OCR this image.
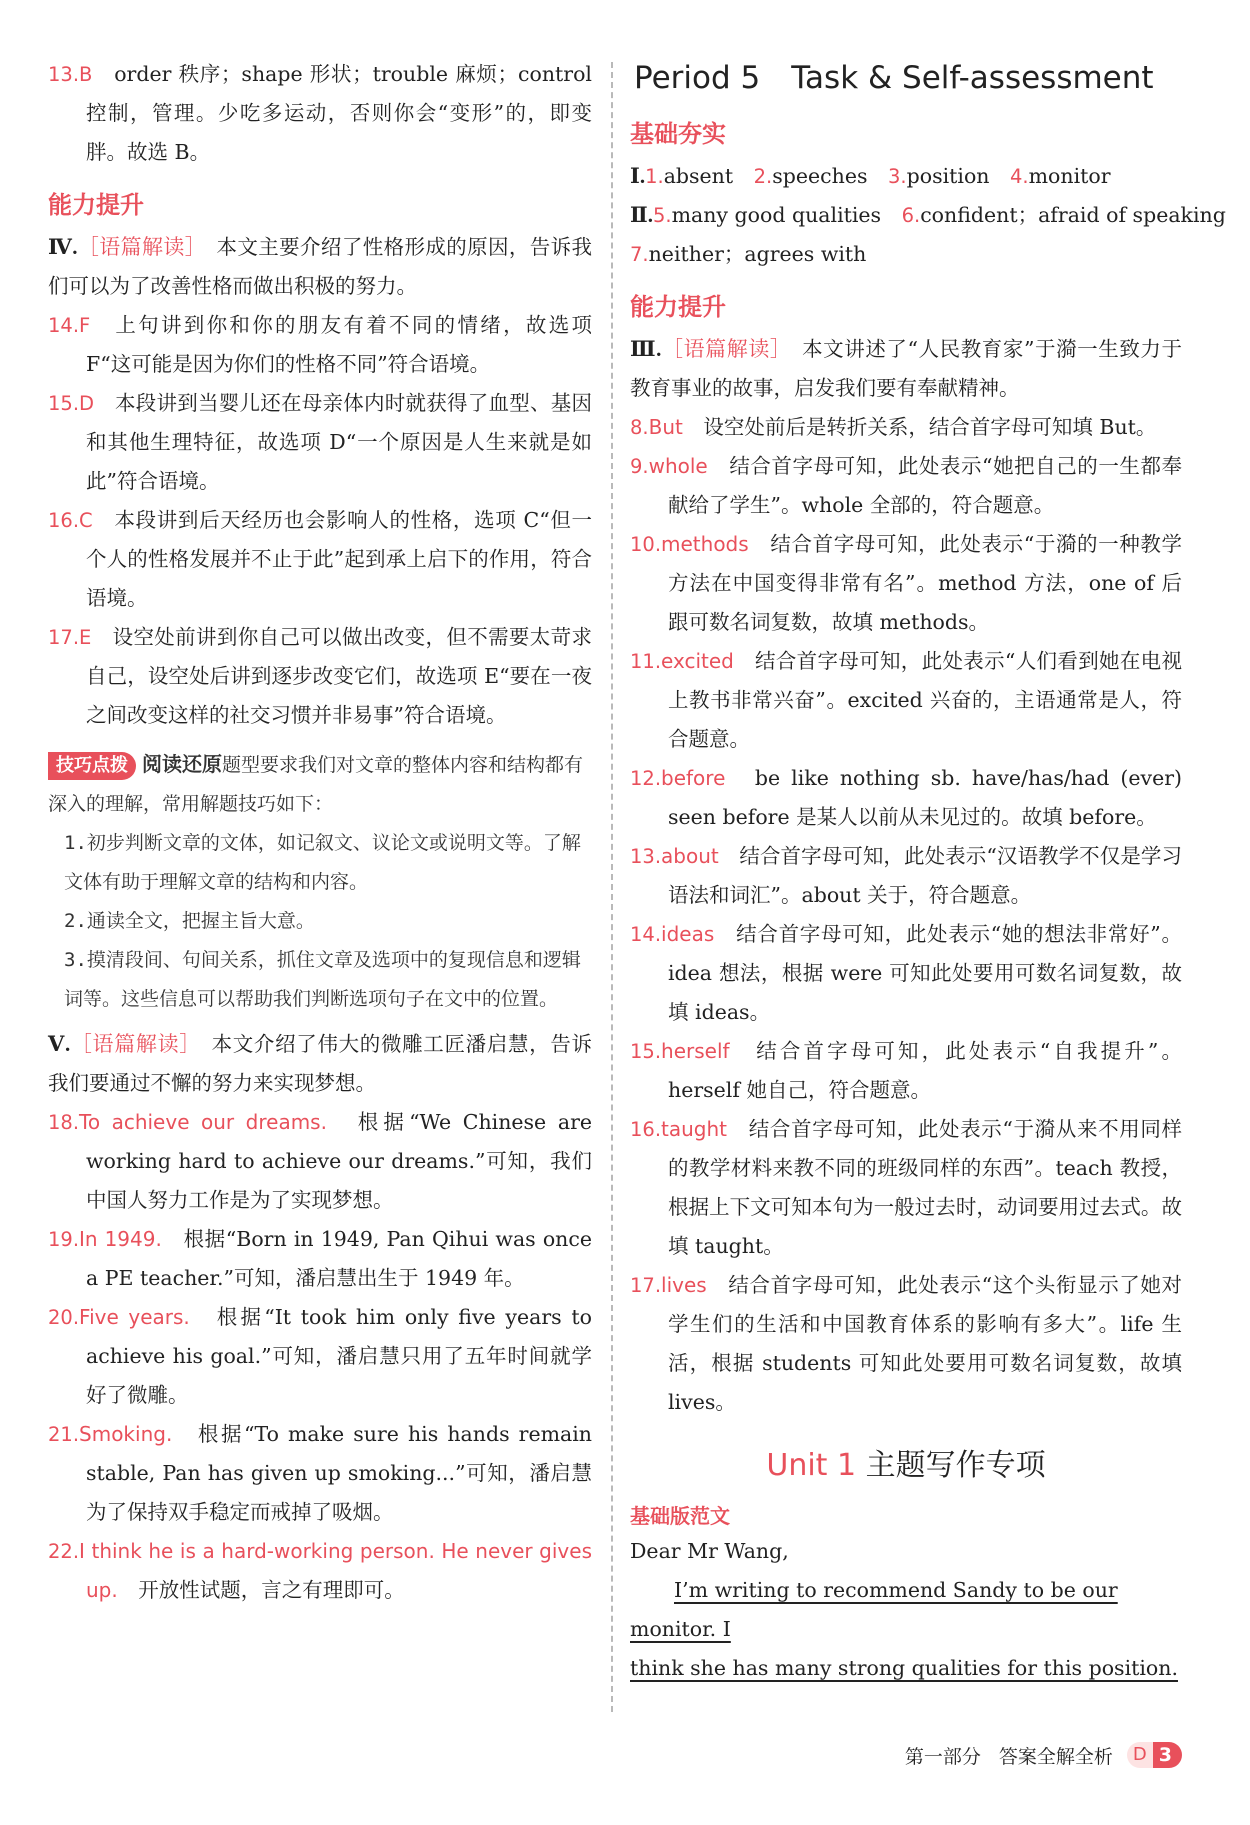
13.B　 order 秩序；shape 形状；trouble 麻烦；control 控制，管理。少吃多运动，否则你会“变形”的，即变胖。故选 B。

能力提升

Ⅳ.［语篇解读］　 本文主要介绍了性格形成的原因，告诉我们可以为了改善性格而做出积极的努力。

14.F　 上句讲到你和你的朋友有着不同的情绪，故选项 F“这可能是因为你们的性格不同”符合语境。

15.D　 本段讲到当婴儿还在母亲体内时就获得了血型、基因和其他生理特征，故选项 D“一个原因是人生来就是如此”符合语境。

16.C　 本段讲到后天经历也会影响人的性格，选项 C“但一个人的性格发展并不止于此”起到承上启下的作用，符合语境。

17.E　 设空处前讲到你自己可以做出改变，但不需要太苛求自己，设空处后讲到逐步改变它们，故选项 E“要在一夜之间改变这样的社交习惯并非易事”符合语境。

技巧点拨 阅读还原题型要求我们对文章的整体内容和结构都有深入的理解，常用解题技巧如下：

1.初步判断文章的文体，如记叙文、议论文或说明文等。了解文体有助于理解文章的结构和内容。

2.通读全文，把握主旨大意。

3.摸清段间、句间关系，抓住文章及选项中的复现信息和逻辑词等。这些信息可以帮助我们判断选项句子在文中的位置。

Ⅴ.［语篇解读］　 本文介绍了伟大的微雕工匠潘启慧，告诉我们要通过不懈的努力来实现梦想。

18.To achieve our dreams.　 根据“We Chinese are working hard to achieve our dreams.”可知，我们中国人努力工作是为了实现梦想。

19.In 1949.　 根据“Born in 1949, Pan Qihui was once a PE teacher.”可知，潘启慧出生于 1949 年。

20.Five years.　 根据“It took him only five years to achieve his goal.”可知，潘启慧只用了五年时间就学好了微雕。

21.Smoking.　 根据“To make sure his hands remain stable, Pan has given up smoking...”可知，潘启慧为了保持双手稳定而戒掉了吸烟。

22.I think he is a hard-working person. He never gives up.　 开放性试题，言之有理即可。

Period 5　Task & Self-assessment
基础夯实

Ⅰ.1.absent　 2.speeches　 3.position　 4.monitor

Ⅱ.5.many good qualities　 6.confident；afraid of speaking

7.neither；agrees with

能力提升

Ⅲ.［语篇解读］　 本文讲述了“人民教育家”于漪一生致力于教育事业的故事，启发我们要有奉献精神。

8.But　 设空处前后是转折关系，结合首字母可知填 But。

9.whole　 结合首字母可知，此处表示“她把自己的一生都奉献给了学生”。whole 全部的，符合题意。

10.methods　 结合首字母可知，此处表示“于漪的一种教学方法在中国变得非常有名”。method 方法，one of 后跟可数名词复数，故填 methods。

11.excited　 结合首字母可知，此处表示“人们看到她在电视上教书非常兴奋”。excited 兴奋的，主语通常是人，符合题意。

12.before　 be like nothing sb. have/has/had (ever) seen before 是某人以前从未见过的。故填 before。

13.about　 结合首字母可知，此处表示“汉语教学不仅是学习语法和词汇”。about 关于，符合题意。

14.ideas　 结合首字母可知，此处表示“她的想法非常好”。idea 想法，根据 were 可知此处要用可数名词复数，故填 ideas。

15.herself　 结合首字母可知，此处表示“自我提升”。herself 她自己，符合题意。

16.taught　 结合首字母可知，此处表示“于漪从来不用同样的教学材料来教不同的班级同样的东西”。teach 教授，根据上下文可知本句为一般过去时，动词要用过去式。故填 taught。

17.lives　 结合首字母可知，此处表示“这个头衔显示了她对学生们的生活和中国教育体系的影响有多大”。life 生活，根据 students 可知此处要用可数名词复数，故填 lives。

Unit 1 主题写作专项
基础版范文

Dear Mr Wang,

I’m writing to recommend Sandy to be our monitor. I

think she has many strong qualities for this position.

第一部分 答案全解全析	D 3
